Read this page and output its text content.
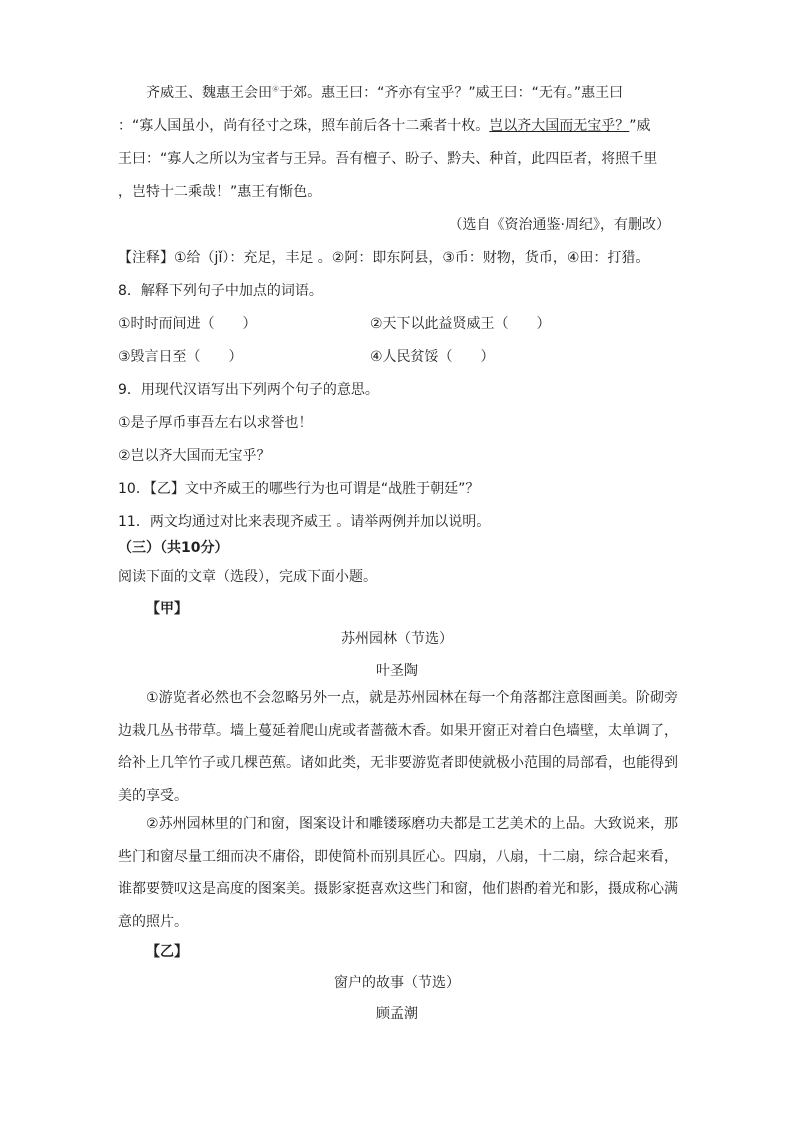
齐威王、魏惠王会田④于郊。惠王曰：“齐亦有宝乎？”威王曰：“无有。”惠王曰

：“寡人国虽小，尚有径寸之珠，照车前后各十二乘者十枚。岂以齐大国而无宝乎？”威

王曰：“寡人之所以为宝者与王异。吾有檀子、盼子、黔夫、种首，此四臣者，将照千里

，岂特十二乘哉！”惠王有惭色。

（选自《资治通鉴·周纪》，有删改）

【注释】①给（jǐ）：充足，丰足 。②阿：即东阿县，③币：财物，货币，④田：打猎。

8．解释下列句子中加点的词语。

①时时而间进（　　）	②天下以此益贤威王（　　）

③毁言日至（　　）	④人民贫馁（　　）

9．用现代汉语写出下列两个句子的意思。

①是子厚币事吾左右以求誉也！

②岂以齐大国而无宝乎？

10．【乙】文中齐威王的哪些行为也可谓是“战胜于朝廷”？

11．两文均通过对比来表现齐威王 。请举两例并加以说明。

（三）（共10分）

阅读下面的文章（选段），完成下面小题。

【甲】

苏州园林（节选）

叶圣陶

①游览者必然也不会忽略另外一点，就是苏州园林在每一个角落都注意图画美。阶砌旁边栽几丛书带草。墙上蔓延着爬山虎或者蔷薇木香。如果开窗正对着白色墙壁，太单调了，给补上几竿竹子或几棵芭蕉。诸如此类，无非要游览者即使就极小范围的局部看，也能得到美的享受。

②苏州园林里的门和窗，图案设计和雕镂琢磨功夫都是工艺美术的上品。大致说来，那些门和窗尽量工细而决不庸俗，即使简朴而别具匠心。四扇，八扇，十二扇，综合起来看，谁都要赞叹这是高度的图案美。摄影家挺喜欢这些门和窗，他们斟酌着光和影，摄成称心满意的照片。

【乙】

窗户的故事（节选）

顾孟潮
